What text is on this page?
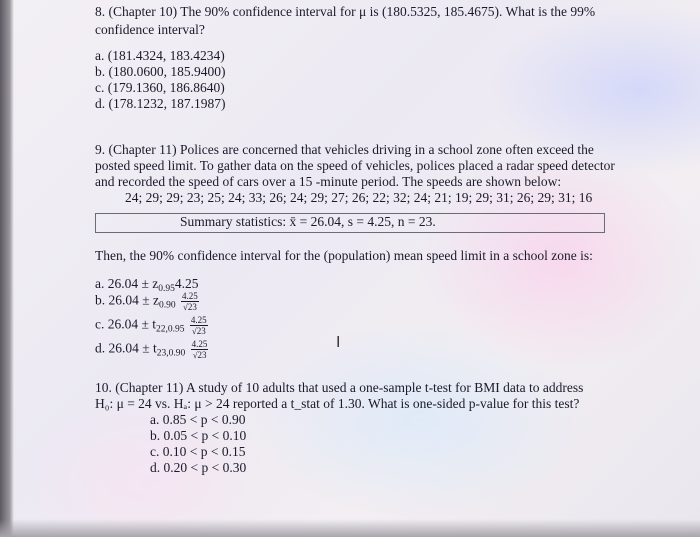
8. (Chapter 10) The 90% confidence interval for μ is (180.5325, 185.4675). What is the 99%
confidence interval?
a. (181.4324, 183.4234)
b. (180.0600, 185.9400)
c. (179.1360, 186.8640)
d. (178.1232, 187.1987)
9. (Chapter 11) Polices are concerned that vehicles driving in a school zone often exceed the
posted speed limit. To gather data on the speed of vehicles, polices placed a radar speed detector
and recorded the speed of cars over a 15 -minute period. The speeds are shown below:
24; 29; 29; 23; 25; 24; 33; 26; 24; 29; 27; 26; 22; 32; 24; 21; 19; 29; 31; 26; 29; 31; 16
Summary statistics: x̄ = 26.04, s = 4.25, n = 23.
Then, the 90% confidence interval for the (population) mean speed limit in a school zone is:
a. $26.04 \pm z_{0.95}4.25$
b. $26.04 \pm z_{0.90} \frac{4.25}{√23}$
c. $26.04 \pm t_{22,0.95} \frac{4.25}{√23}$
d. $26.04 \pm t_{23,0.90} \frac{4.25}{√23}$	I
10. (Chapter 11) A study of 10 adults that used a one-sample t-test for BMI data to address
H₀: μ = 24 vs. Hₐ: μ > 24 reported a t_stat of 1.30. What is one-sided p-value for this test?
a. 0.85 < p < 0.90
b. 0.05 < p < 0.10
c. 0.10 < p < 0.15
d. 0.20 < p < 0.30
